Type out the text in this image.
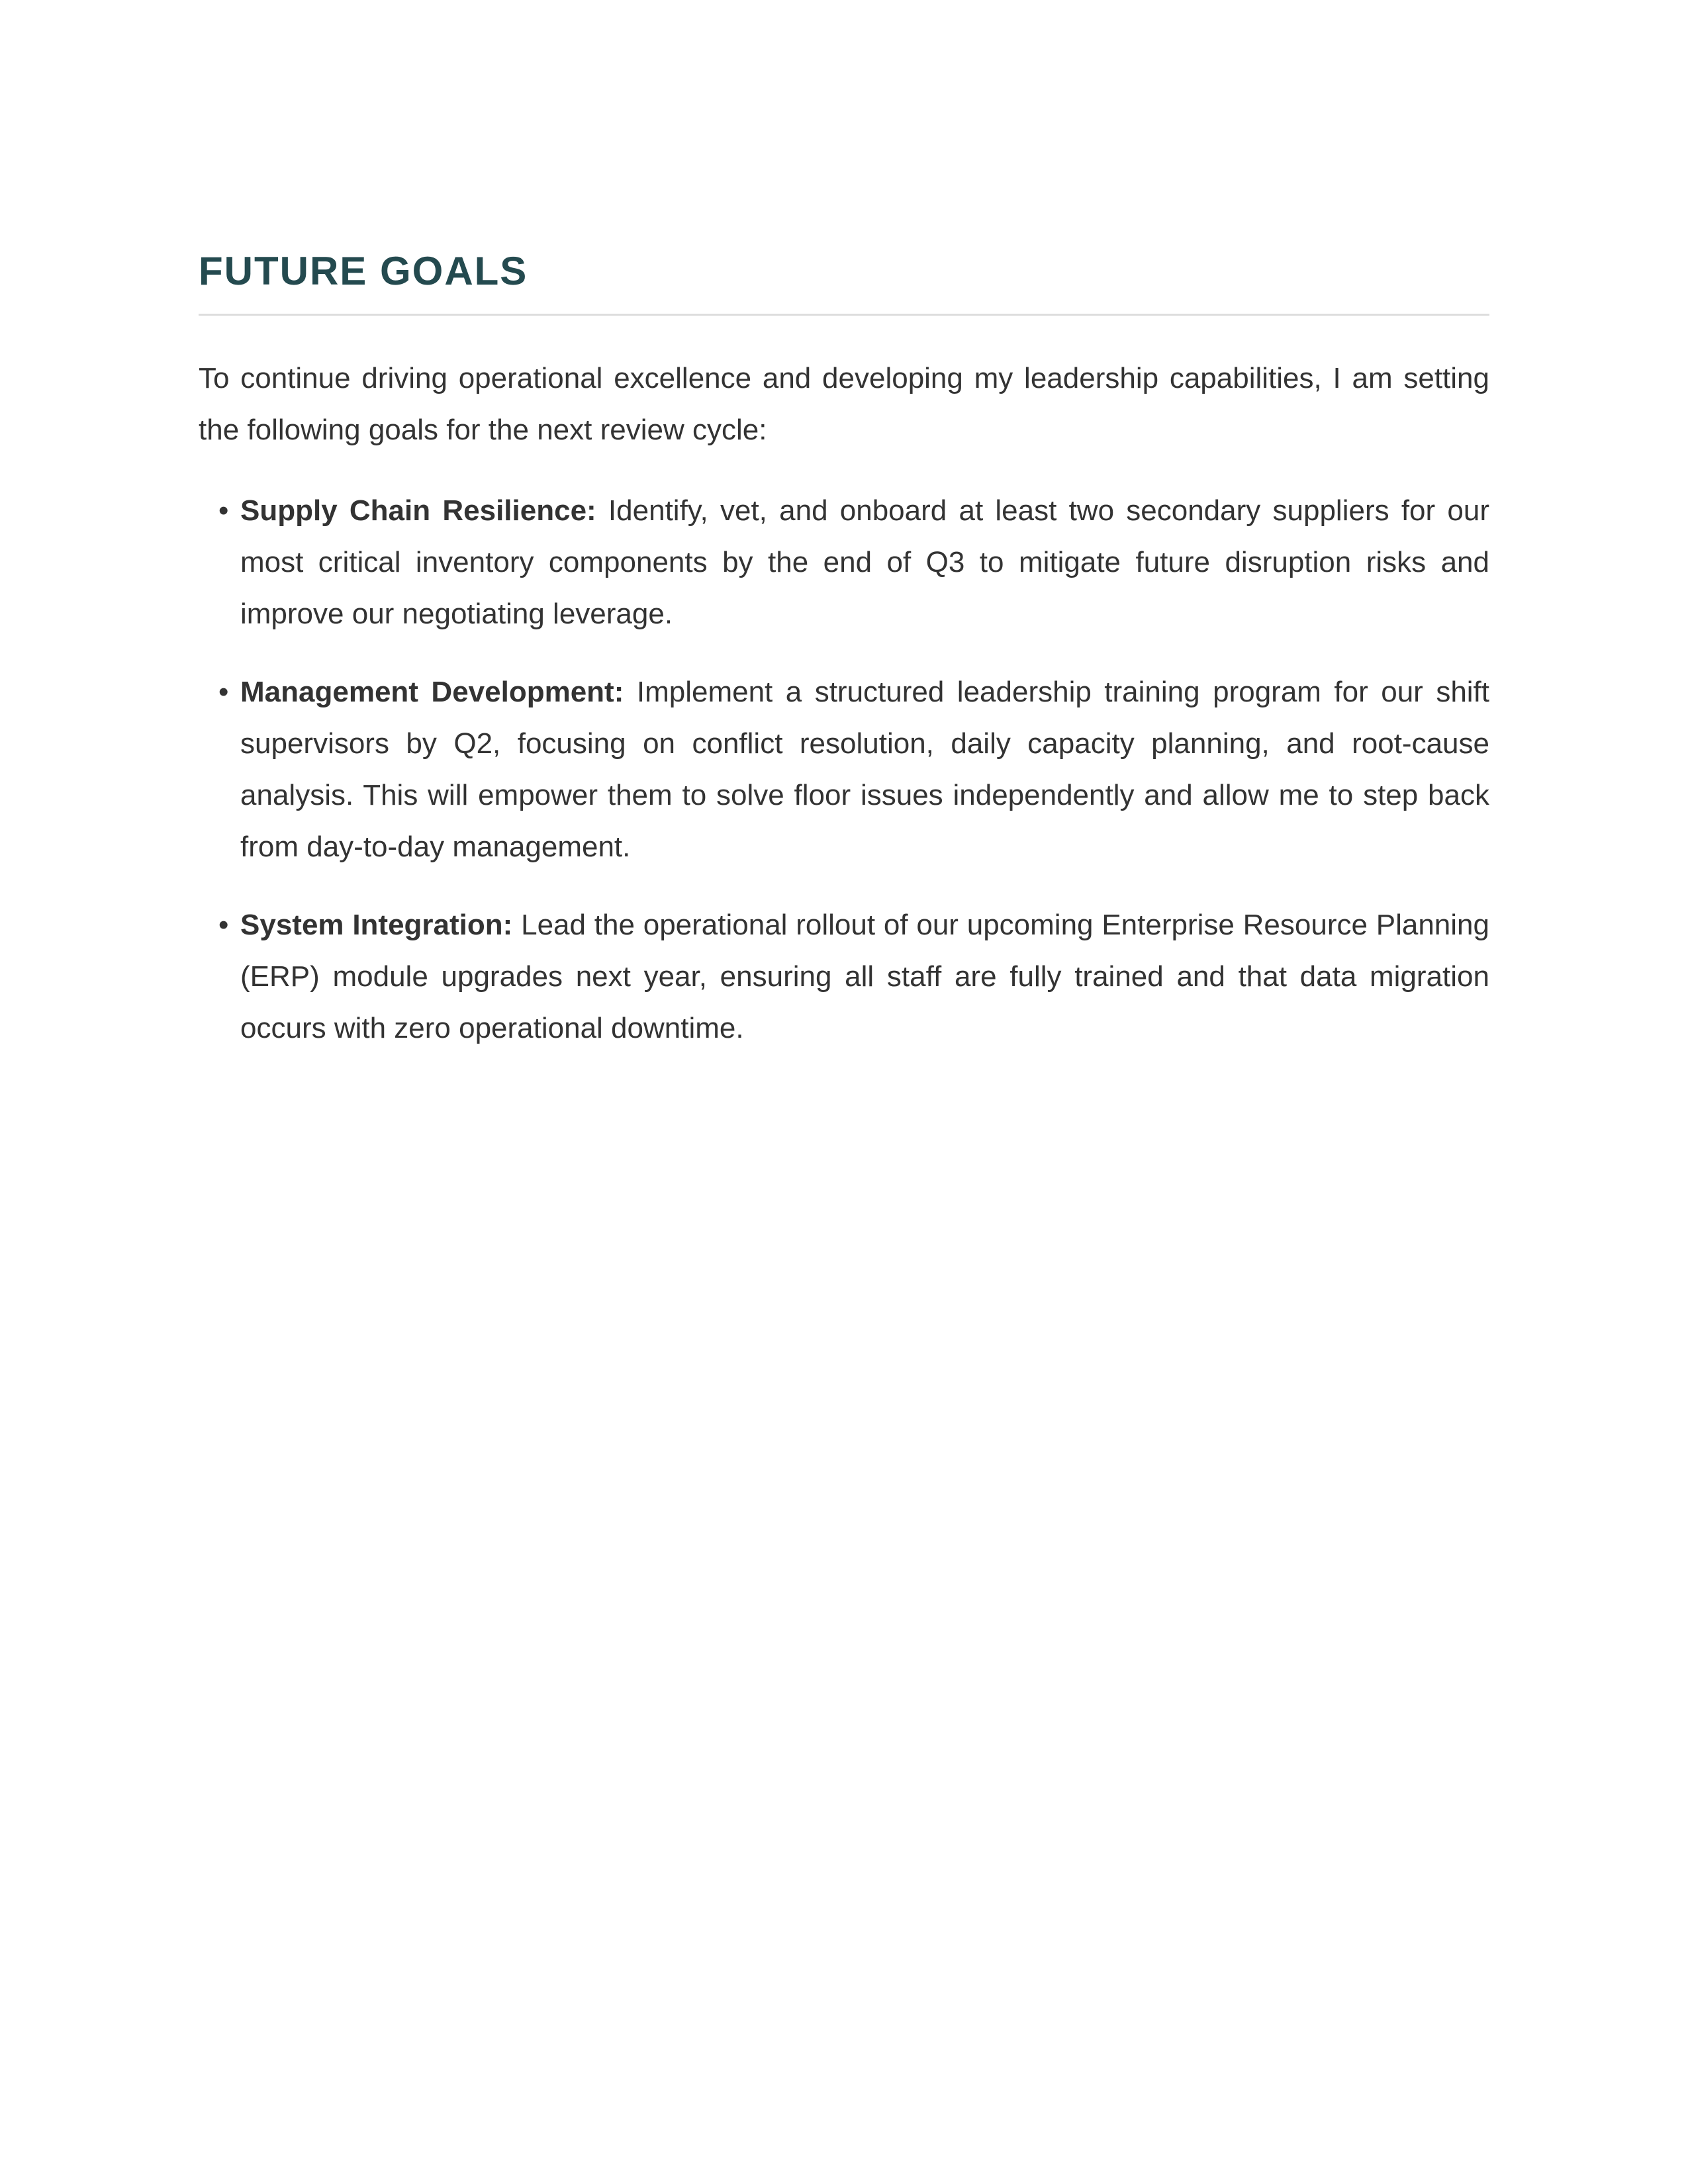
FUTURE GOALS

To continue driving operational excellence and developing my leadership capabilities, I am setting the following goals for the next review cycle:

• Supply Chain Resilience: Identify, vet, and onboard at least two secondary suppliers for our most critical inventory components by the end of Q3 to mitigate future disruption risks and improve our negotiating leverage.
• Management Development: Implement a structured leadership training program for our shift supervisors by Q2, focusing on conflict resolution, daily capacity planning, and root-cause analysis. This will empower them to solve floor issues independently and allow me to step back from day-to-day management.
• System Integration: Lead the operational rollout of our upcoming Enterprise Resource Planning (ERP) module upgrades next year, ensuring all staff are fully trained and that data migration occurs with zero operational downtime.
